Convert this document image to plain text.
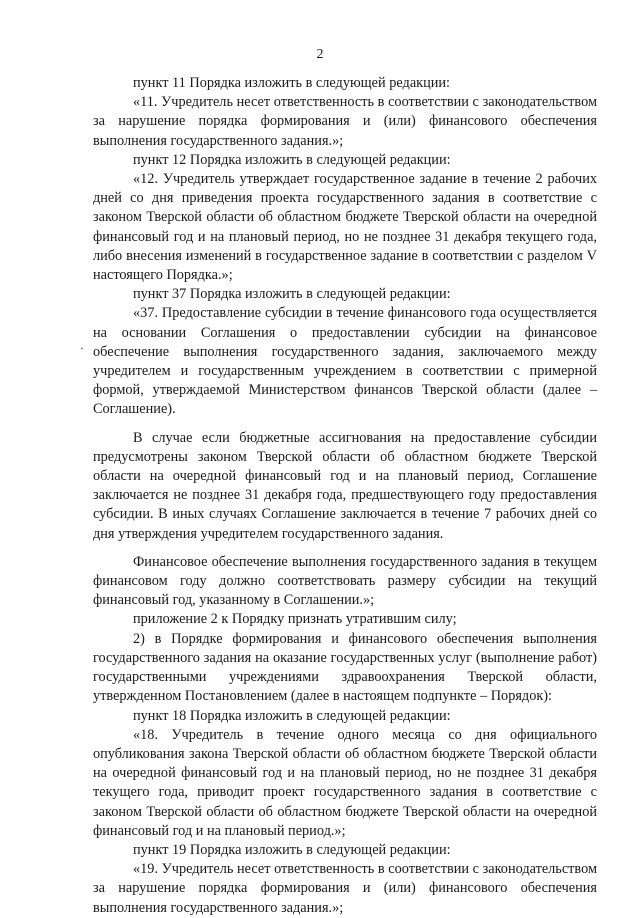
2
·

пункт 11 Порядка изложить в следующей редакции:

«11. Учредитель несет ответственность в соответствии с законодательством за нарушение порядка формирования и (или) финансового обеспечения выполнения государственного задания.»;

пункт 12 Порядка изложить в следующей редакции:

«12. Учредитель утверждает государственное задание в течение 2 рабочих дней со дня приведения проекта государственного задания в соответствие с законом Тверской области об областном бюджете Тверской области на очередной финансовый год и на плановый период, но не позднее 31 декабря текущего года, либо внесения изменений в государственное задание в соответствии с разделом V настоящего Порядка.»;

пункт 37 Порядка изложить в следующей редакции:

«37. Предоставление субсидии в течение финансового года осуществляется на основании Соглашения о предоставлении субсидии на финансовое обеспечение выполнения государственного задания, заключаемого между учредителем и государственным учреждением в соответствии с примерной формой, утверждаемой Министерством финансов Тверской области (далее – Соглашение).

В случае если бюджетные ассигнования на предоставление субсидии предусмотрены законом Тверской области об областном бюджете Тверской области на очередной финансовый год и на плановый период, Соглашение заключается не позднее 31 декабря года, предшествующего году предоставления субсидии. В иных случаях Соглашение заключается в течение 7 рабочих дней со дня утверждения учредителем государственного задания.

Финансовое обеспечение выполнения государственного задания в текущем финансовом году должно соответствовать размеру субсидии на текущий финансовый год, указанному в Соглашении.»;

приложение 2 к Порядку признать утратившим силу;

2) в Порядке формирования и финансового обеспечения выполнения государственного задания на оказание государственных услуг (выполнение работ) государственными учреждениями здравоохранения Тверской области, утвержденном Постановлением (далее в настоящем подпункте – Порядок):

пункт 18 Порядка изложить в следующей редакции:

«18. Учредитель в течение одного месяца со дня официального опубликования закона Тверской области об областном бюджете Тверской области на очередной финансовый год и на плановый период, но не позднее 31 декабря текущего года, приводит проект государственного задания в соответствие с законом Тверской области об областном бюджете Тверской области на очередной финансовый год и на плановый период.»;

пункт 19 Порядка изложить в следующей редакции:

«19. Учредитель несет ответственность в соответствии с законодательством за нарушение порядка формирования и (или) финансового обеспечения выполнения государственного задания.»;
